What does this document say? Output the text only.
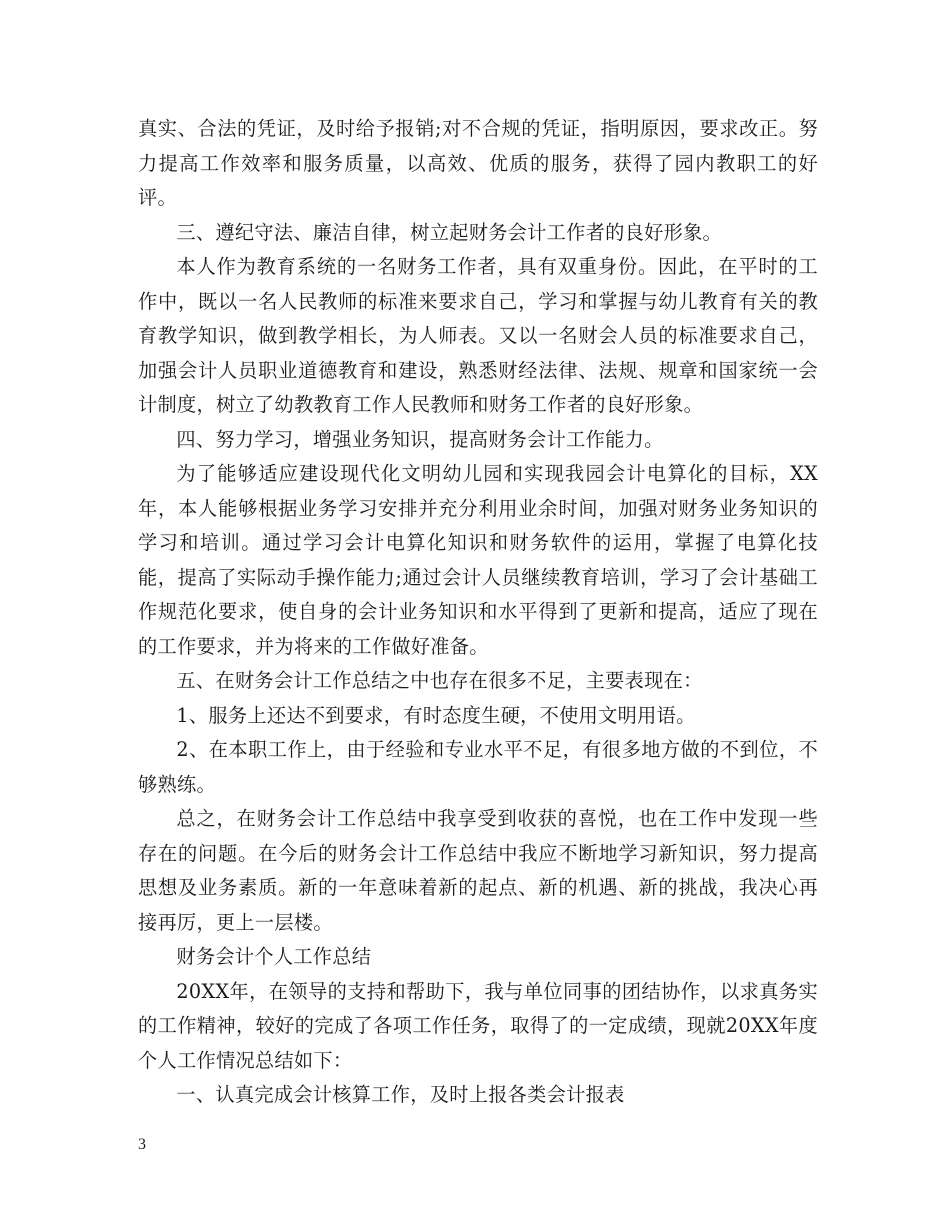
真实、合法的凭证，及时给予报销;对不合规的凭证，指明原因，要求改正。努力提高工作效率和服务质量，以高效、优质的服务，获得了园内教职工的好评。

三、遵纪守法、廉洁自律，树立起财务会计工作者的良好形象。

本人作为教育系统的一名财务工作者，具有双重身份。因此，在平时的工作中，既以一名人民教师的标准来要求自己，学习和掌握与幼儿教育有关的教育教学知识，做到教学相长，为人师表。又以一名财会人员的标准要求自己，加强会计人员职业道德教育和建设，熟悉财经法律、法规、规章和国家统一会计制度，树立了幼教教育工作人民教师和财务工作者的良好形象。

四、努力学习，增强业务知识，提高财务会计工作能力。

为了能够适应建设现代化文明幼儿园和实现我园会计电算化的目标，XX年，本人能够根据业务学习安排并充分利用业余时间，加强对财务业务知识的学习和培训。通过学习会计电算化知识和财务软件的运用，掌握了电算化技能，提高了实际动手操作能力;通过会计人员继续教育培训，学习了会计基础工作规范化要求，使自身的会计业务知识和水平得到了更新和提高，适应了现在的工作要求，并为将来的工作做好准备。

五、在财务会计工作总结之中也存在很多不足，主要表现在：

1、服务上还达不到要求，有时态度生硬，不使用文明用语。

2、在本职工作上，由于经验和专业水平不足，有很多地方做的不到位，不够熟练。

总之，在财务会计工作总结中我享受到收获的喜悦，也在工作中发现一些存在的问题。在今后的财务会计工作总结中我应不断地学习新知识，努力提高思想及业务素质。新的一年意味着新的起点、新的机遇、新的挑战，我决心再接再厉，更上一层楼。

财务会计个人工作总结

20XX年，在领导的支持和帮助下，我与单位同事的团结协作，以求真务实的工作精神，较好的完成了各项工作任务，取得了的一定成绩，现就20XX年度个人工作情况总结如下：

一、认真完成会计核算工作，及时上报各类会计报表

3
